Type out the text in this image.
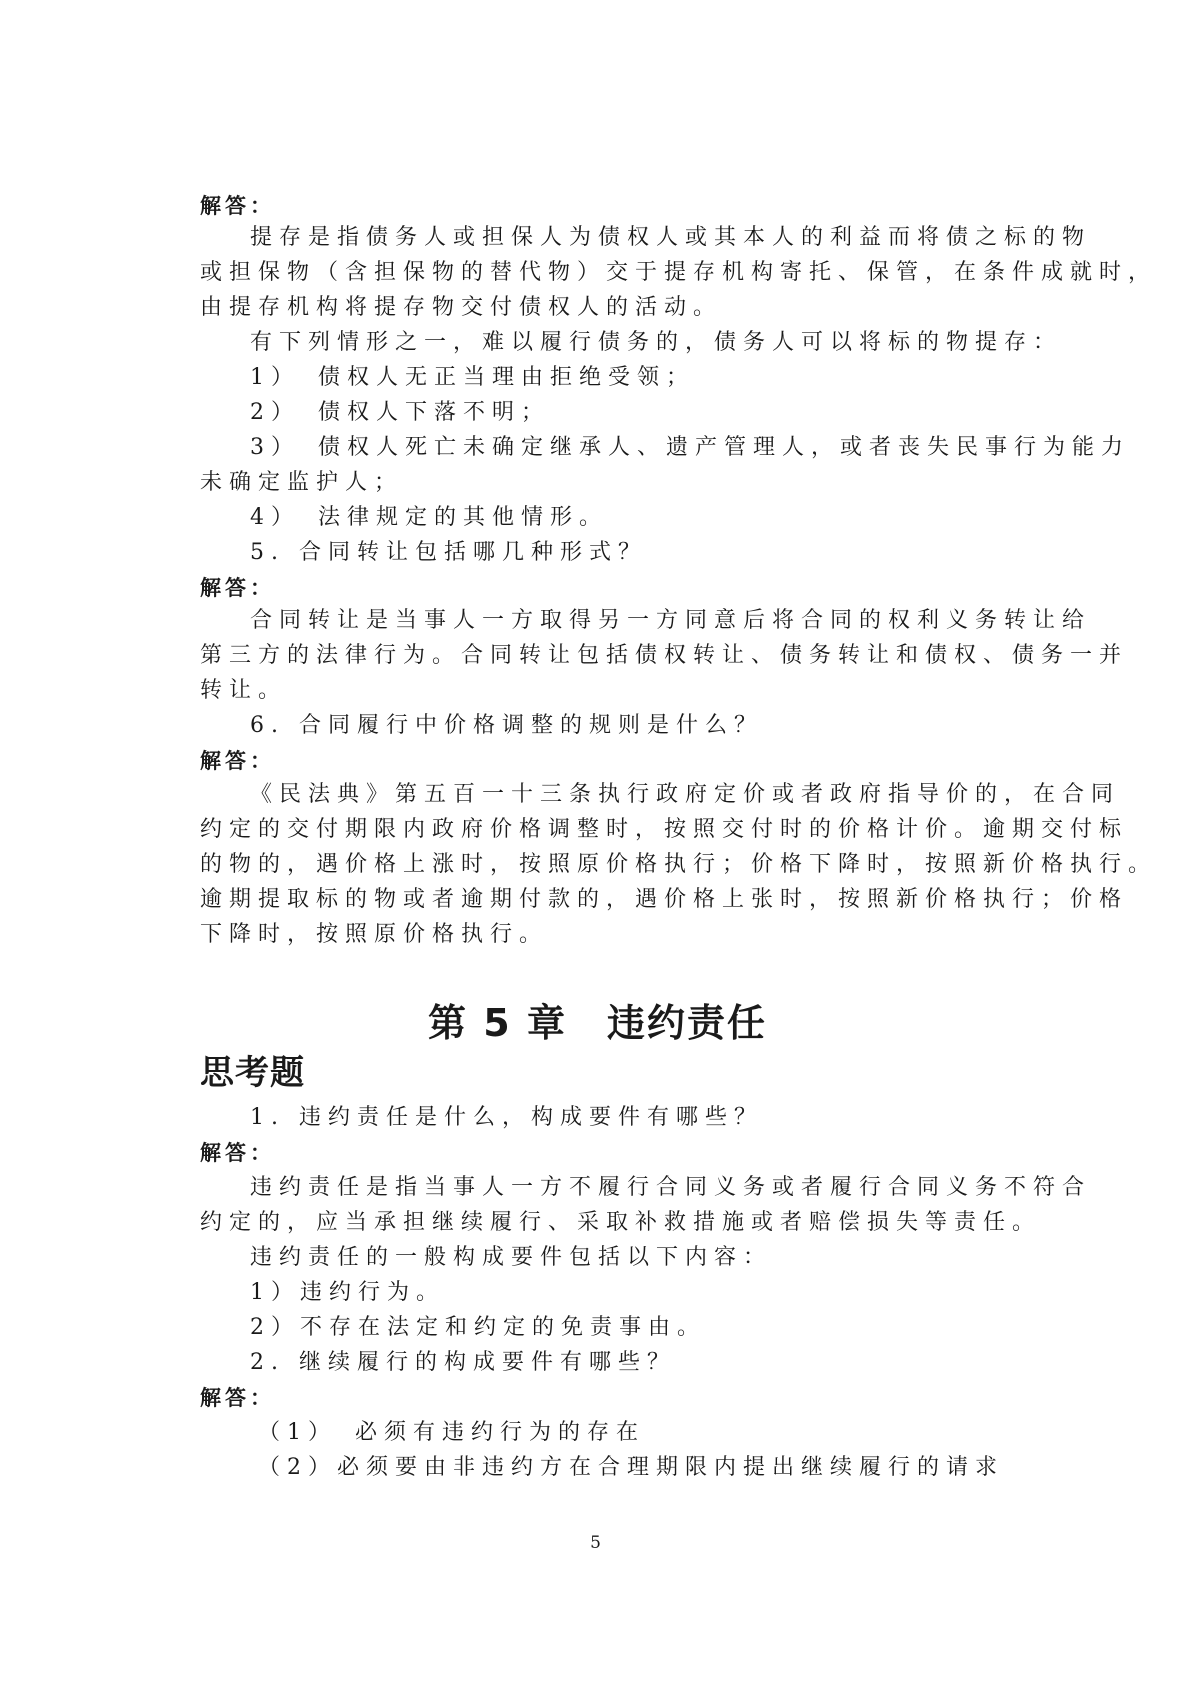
解答：
提存是指债务人或担保人为债权人或其本人的利益而将债之标的物
或担保物（含担保物的替代物）交于提存机构寄托、保管，在条件成就时，
由提存机构将提存物交付债权人的活动。
有下列情形之一，难以履行债务的，债务人可以将标的物提存：
1）　债权人无正当理由拒绝受领；
2）　债权人下落不明；
3）　债权人死亡未确定继承人、遗产管理人，或者丧失民事行为能力
未确定监护人；
4）　法律规定的其他情形。
5. 合同转让包括哪几种形式？
解答：
合同转让是当事人一方取得另一方同意后将合同的权利义务转让给
第三方的法律行为。合同转让包括债权转让、债务转让和债权、债务一并
转让。
6. 合同履行中价格调整的规则是什么？
解答：
《民法典》第五百一十三条执行政府定价或者政府指导价的，在合同
约定的交付期限内政府价格调整时，按照交付时的价格计价。逾期交付标
的物的，遇价格上涨时，按照原价格执行；价格下降时，按照新价格执行。
逾期提取标的物或者逾期付款的，遇价格上张时，按照新价格执行；价格
下降时，按照原价格执行。
第 5 章　违约责任
思考题
1. 违约责任是什么，构成要件有哪些？
解答：
违约责任是指当事人一方不履行合同义务或者履行合同义务不符合
约定的，应当承担继续履行、采取补救措施或者赔偿损失等责任。
违约责任的一般构成要件包括以下内容：
1）违约行为。
2）不存在法定和约定的免责事由。
2. 继续履行的构成要件有哪些？
解答：
（1）　必须有违约行为的存在
（2）必须要由非违约方在合理期限内提出继续履行的请求
5
